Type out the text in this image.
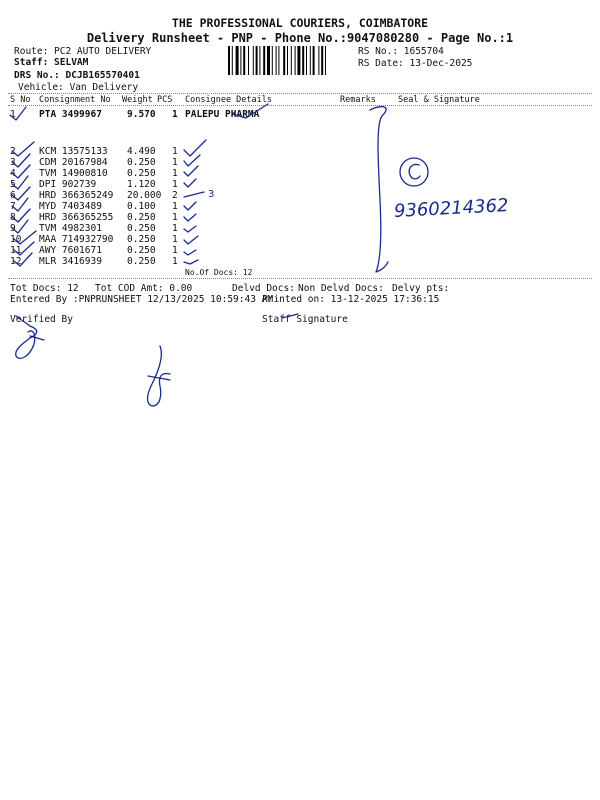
THE PROFESSIONAL COURIERS, COIMBATORE
Delivery Runsheet - PNP - Phone No.:9047080280 - Page No.:1
Route: PC2 AUTO DELIVERY
Staff: SELVAM
DRS No.: DCJB165570401
Vehicle: Van Delivery
RS No.: 1655704
RS Date: 13-Dec-2025
S No Consignment No Weight PCS Consignee Details	Remarks	Seal & Signature
1 PTA 3499967	9.570 1 PALEPU PHARMA
2 KCM 13575133 4.490 1
3 CDM 20167984 0.250 1
4 TVM 14900810 0.250 1
5 DPI 902739	1.120 1
6 HRD 366365249 20.000 2
7 MYD 7403489	0.100 1
8 HRD 366365255 0.250 1
9 TVM 4982301	0.250 1
10 MAA 714932790 0.250 1
11 AWY 7601671	0.250 1
12 MLR 3416939	0.250 1
No.Of Docs: 12
Tot Docs: 12 Tot COD Amt: 0.00	Delvd Docs: Non Delvd Docs: Delvy pts:
Entered By :PNPRUNSHEET 12/13/2025 10:59:43 AM
Printed on: 13-12-2025 17:36:15
Verified By	Staff Signature
9360214362
3
